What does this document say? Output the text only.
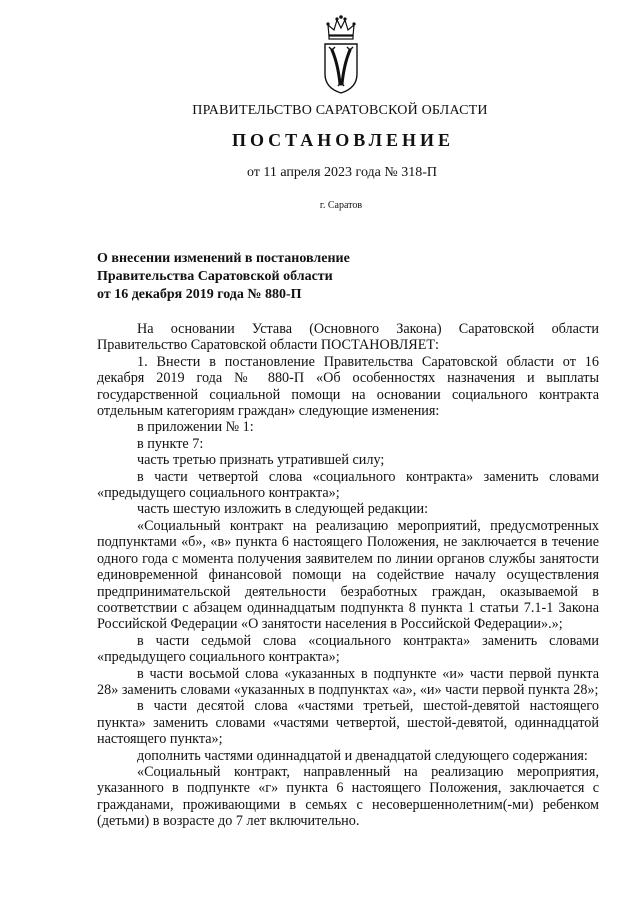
ПРАВИТЕЛЬСТВО САРАТОВСКОЙ ОБЛАСТИ
ПОСТАНОВЛЕНИЕ
от 11 апреля 2023 года № 318-П
г. Саратов
О внесении изменений в постановление
Правительства Саратовской области
от 16 декабря 2019 года № 880-П

На основании Устава (Основного Закона) Саратовской области Правительство Саратовской области ПОСТАНОВЛЯЕТ:

1. Внести в постановление Правительства Саратовской области от 16 декабря 2019 года № 880-П «Об особенностях назначения и выплаты государственной социальной помощи на основании социального контракта отдельным категориям граждан» следующие изменения:

в приложении № 1:

в пункте 7:

часть третью признать утратившей силу;

в части четвертой слова «социального контракта» заменить словами «предыдущего социального контракта»;

часть шестую изложить в следующей редакции:

«Социальный контракт на реализацию мероприятий, предусмотренных подпунктами «б», «в» пункта 6 настоящего Положения, не заключается в течение одного года с момента получения заявителем по линии органов службы занятости единовременной финансовой помощи на содействие началу осуществления предпринимательской деятельности безработных граждан, оказываемой в соответствии с абзацем одиннадцатым подпункта 8 пункта 1 статьи 7.1-1 Закона Российской Федерации «О занятости населения в Российской Федерации».»;

в части седьмой слова «социального контракта» заменить словами «предыдущего социального контракта»;

в части восьмой слова «указанных в подпункте «и» части первой пункта 28» заменить словами «указанных в подпунктах «а», «и» части первой пункта 28»;

в части десятой слова «частями третьей, шестой-девятой настоящего пункта» заменить словами «частями четвертой, шестой-девятой, одиннадцатой настоящего пункта»;

дополнить частями одиннадцатой и двенадцатой следующего содержания:

«Социальный контракт, направленный на реализацию мероприятия, указанного в подпункте «г» пункта 6 настоящего Положения, заключается с гражданами, проживающими в семьях с несовершеннолетним(-ми) ребенком (детьми) в возрасте до 7 лет включительно.
